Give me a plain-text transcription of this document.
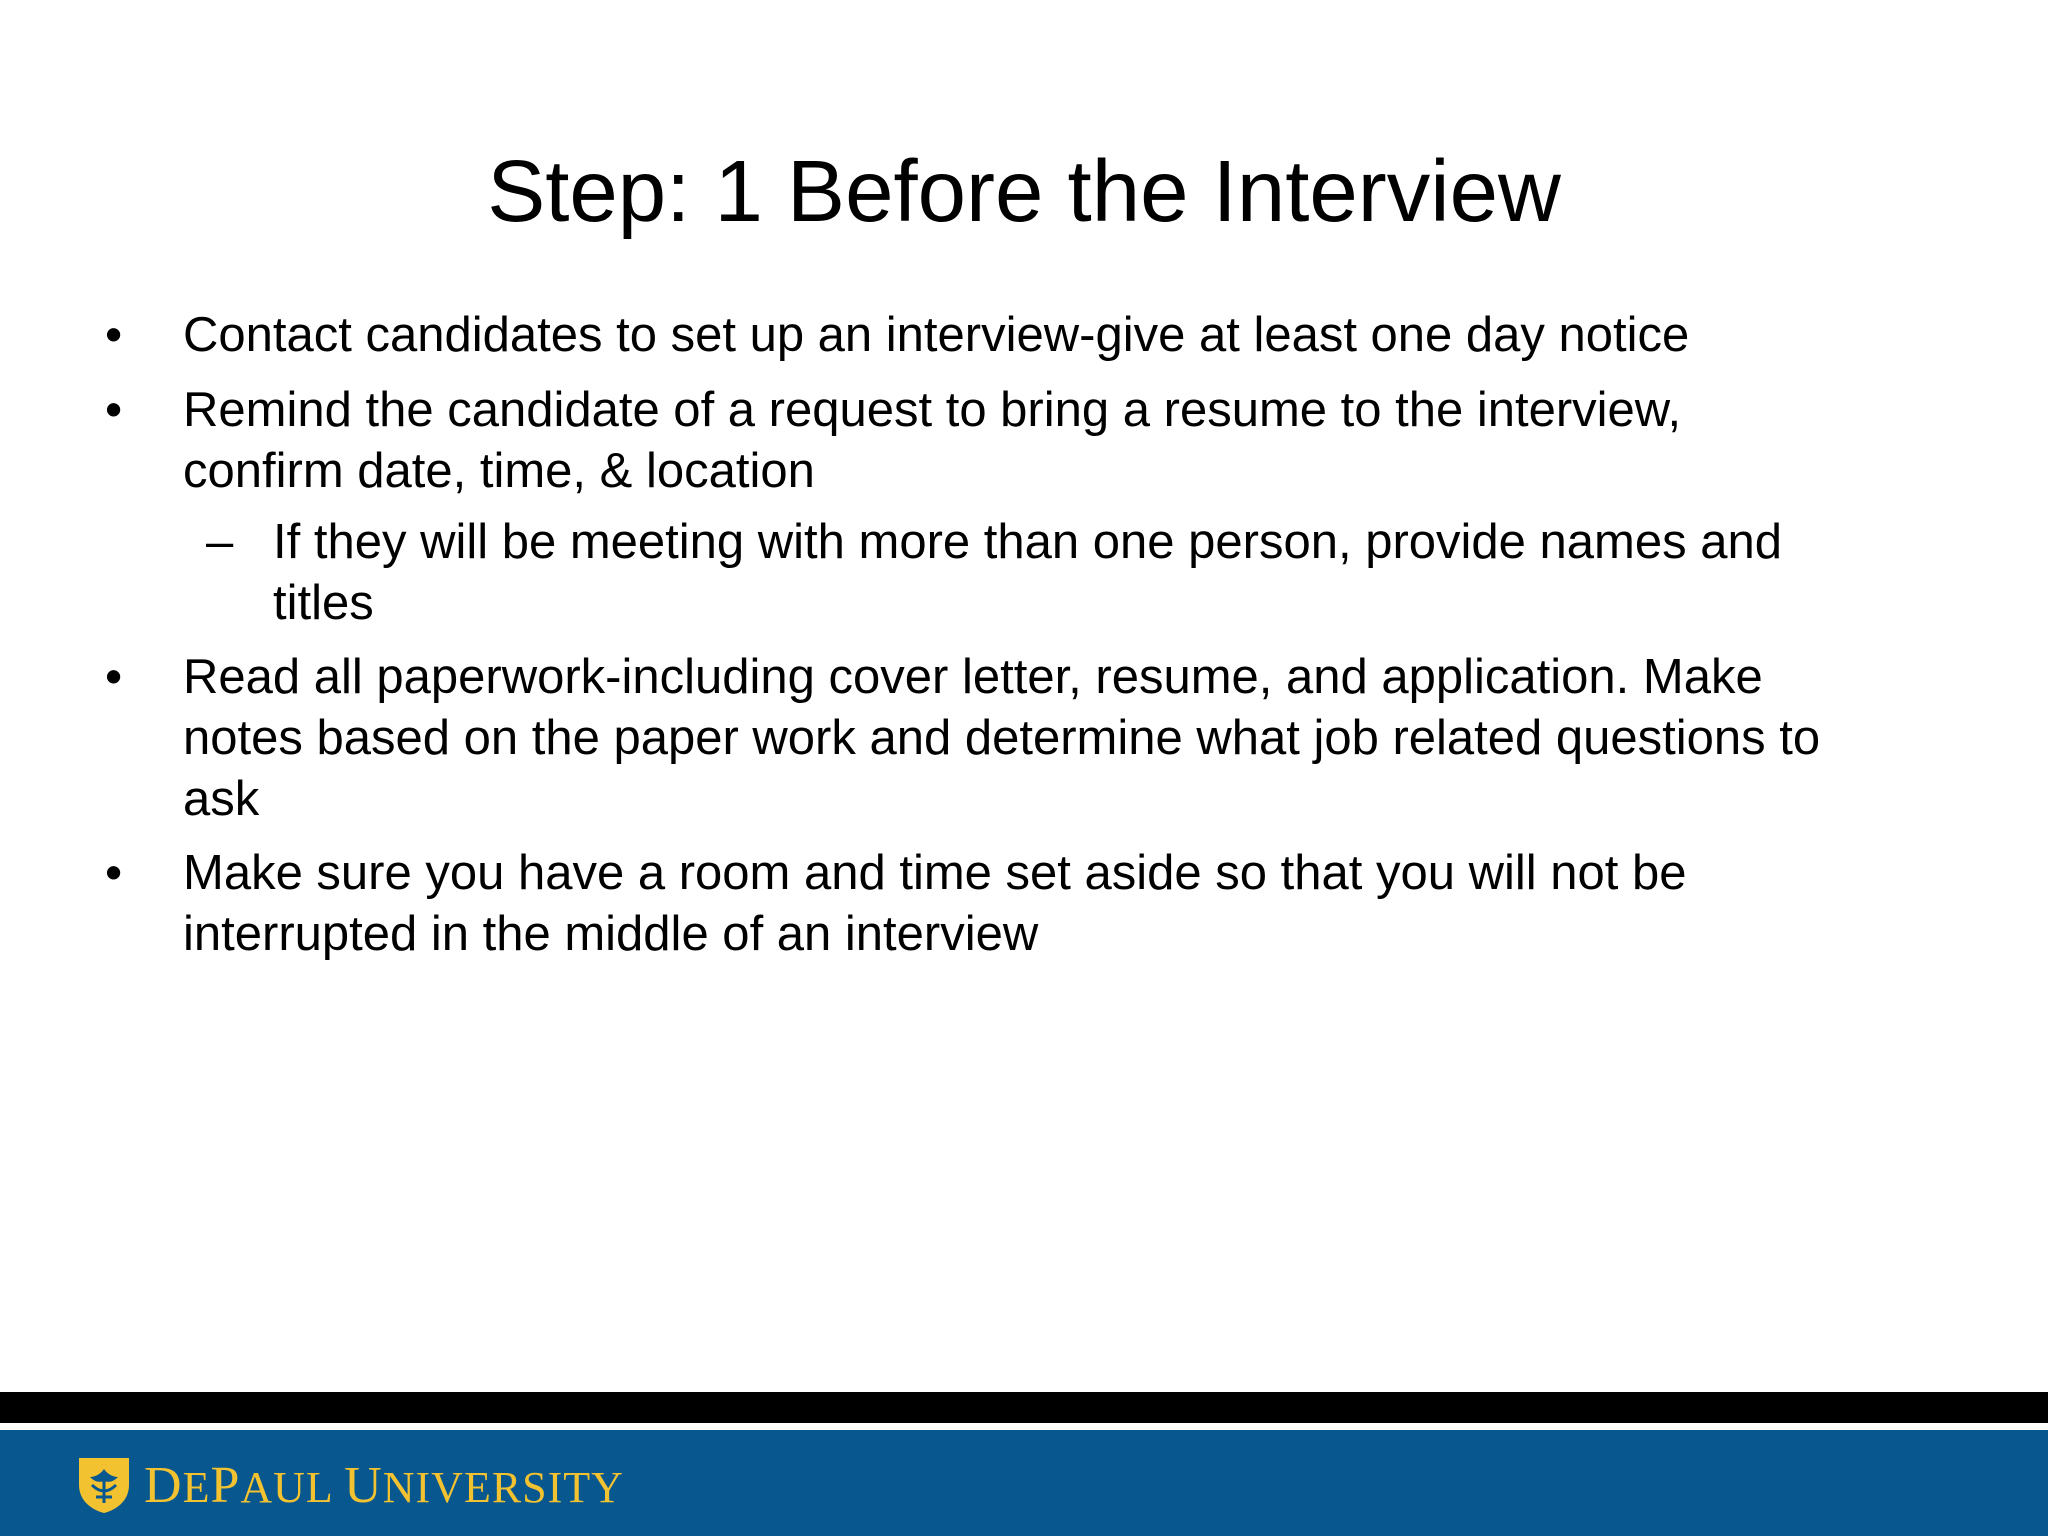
Step: 1 Before the Interview
• Contact candidates to set up an interview-give at least one day notice
• Remind the candidate of a request to bring a resume to the interview,
confirm date, time, & location
– If they will be meeting with more than one person, provide names and
titles
• Read all paperwork-including cover letter, resume, and application. Make
notes based on the paper work and determine what job related questions to
ask
• Make sure you have a room and time set aside so that you will not be
interrupted in the middle of an interview
DEPAUL UNIVERSITY
